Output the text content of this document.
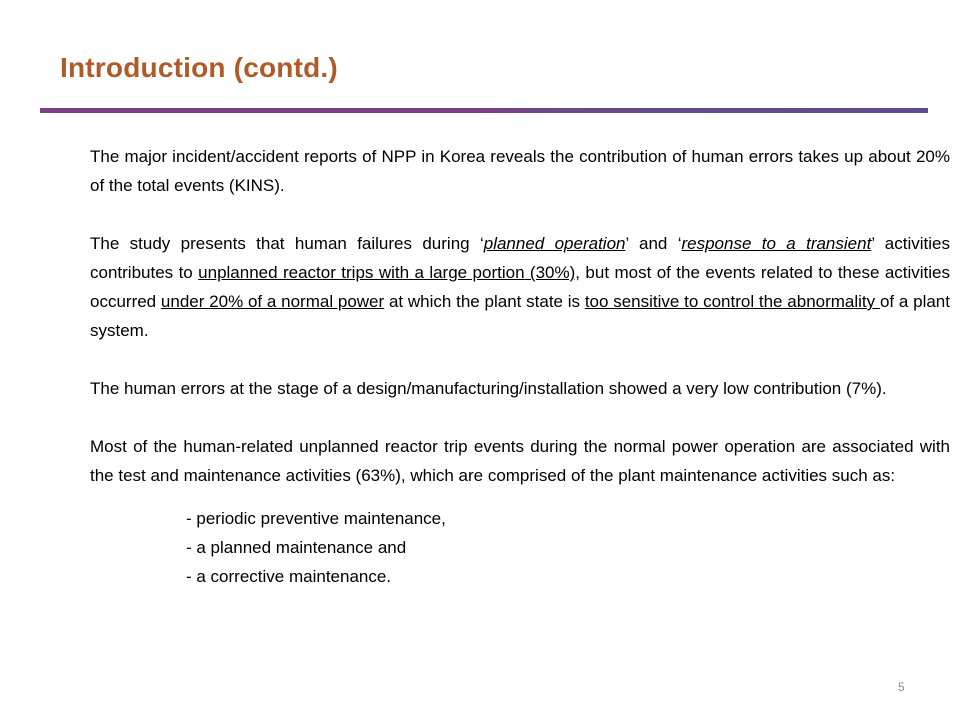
Introduction (contd.)

The major incident/accident reports of NPP in Korea reveals the contribution of human errors takes up about 20% of the total events (KINS).

The study presents that human failures during ‘planned operation’ and ‘response to a transient’ activities contributes to unplanned reactor trips with a large portion (30%), but most of the events related to these activities occurred under 20% of a normal power at which the plant state is too sensitive to control the abnormality of a plant system.

The human errors at the stage of a design/manufacturing/installation showed a very low contribution (7%).

Most of the human-related unplanned reactor trip events during the normal power operation are associated with the test and maintenance activities (63%), which are comprised of the plant maintenance activities such as:

- periodic preventive maintenance,
- a planned maintenance and
- a corrective maintenance.
5
